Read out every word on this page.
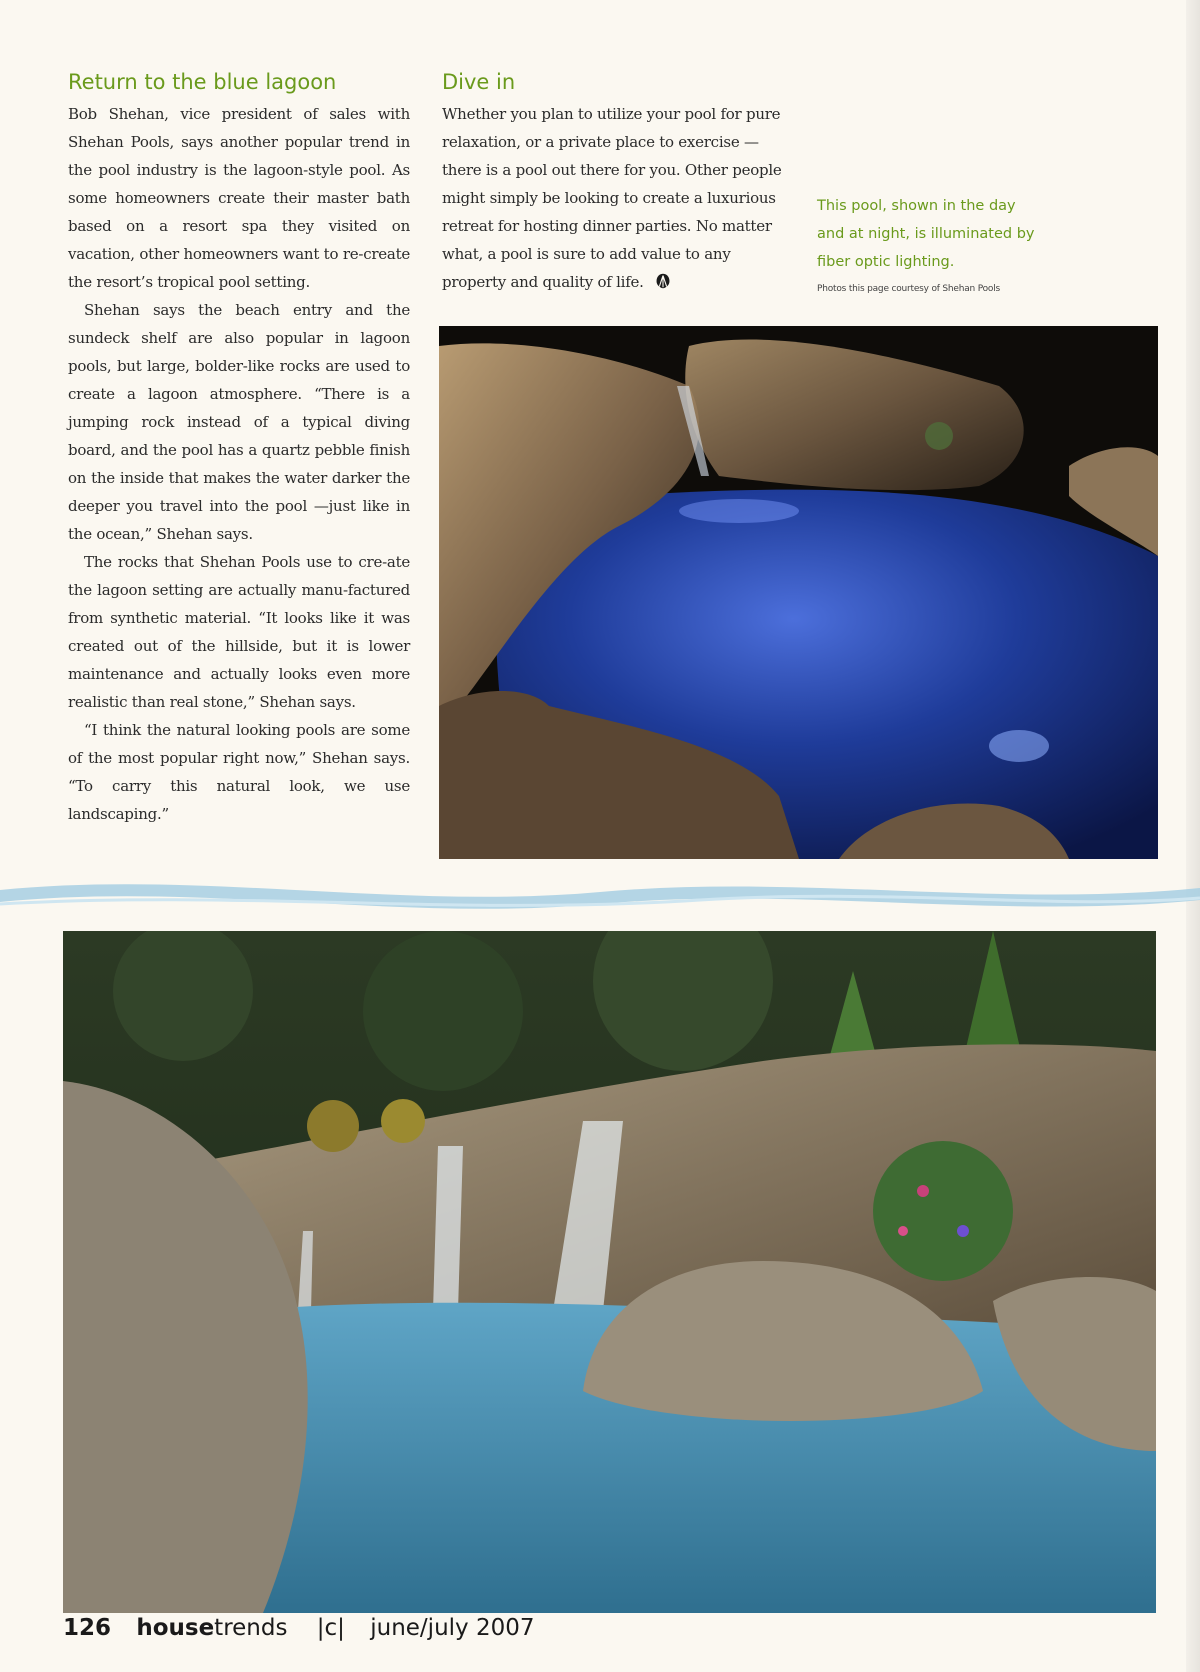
Return to the blue lagoon

Bob Shehan, vice president of sales with Shehan Pools, says another popular trend in the pool industry is the lagoon-style pool. As some homeowners create their master bath based on a resort spa they visited on vacation, other homeowners want to re-create the resort’s tropical pool setting.

Shehan says the beach entry and the sundeck shelf are also popular in lagoon pools, but large, bolder-like rocks are used to create a lagoon atmosphere. “There is a jumping rock instead of a typical diving board, and the pool has a quartz pebble finish on the inside that makes the water darker the deeper you travel into the pool —just like in the ocean,” Shehan says.

The rocks that Shehan Pools use to cre-ate the lagoon setting are actually manu-factured from synthetic material. “It looks like it was created out of the hillside, but it is lower maintenance and actually looks even more realistic than real stone,” Shehan says.

“I think the natural looking pools are some of the most popular right now,” Shehan says. “To carry this natural look, we use landscaping.”

Dive in

Whether you plan to utilize your pool for pure relaxation, or a private place to exercise —there is a pool out there for you. Other people might simply be looking to create a luxurious retreat for hosting dinner parties. No matter what, a pool is sure to add value to any property and quality of life.

This pool, shown in the day and at night, is illuminated by fiber optic lighting.

Photos this page courtesy of Shehan Pools
126 housetrends |c| june/july 2007
